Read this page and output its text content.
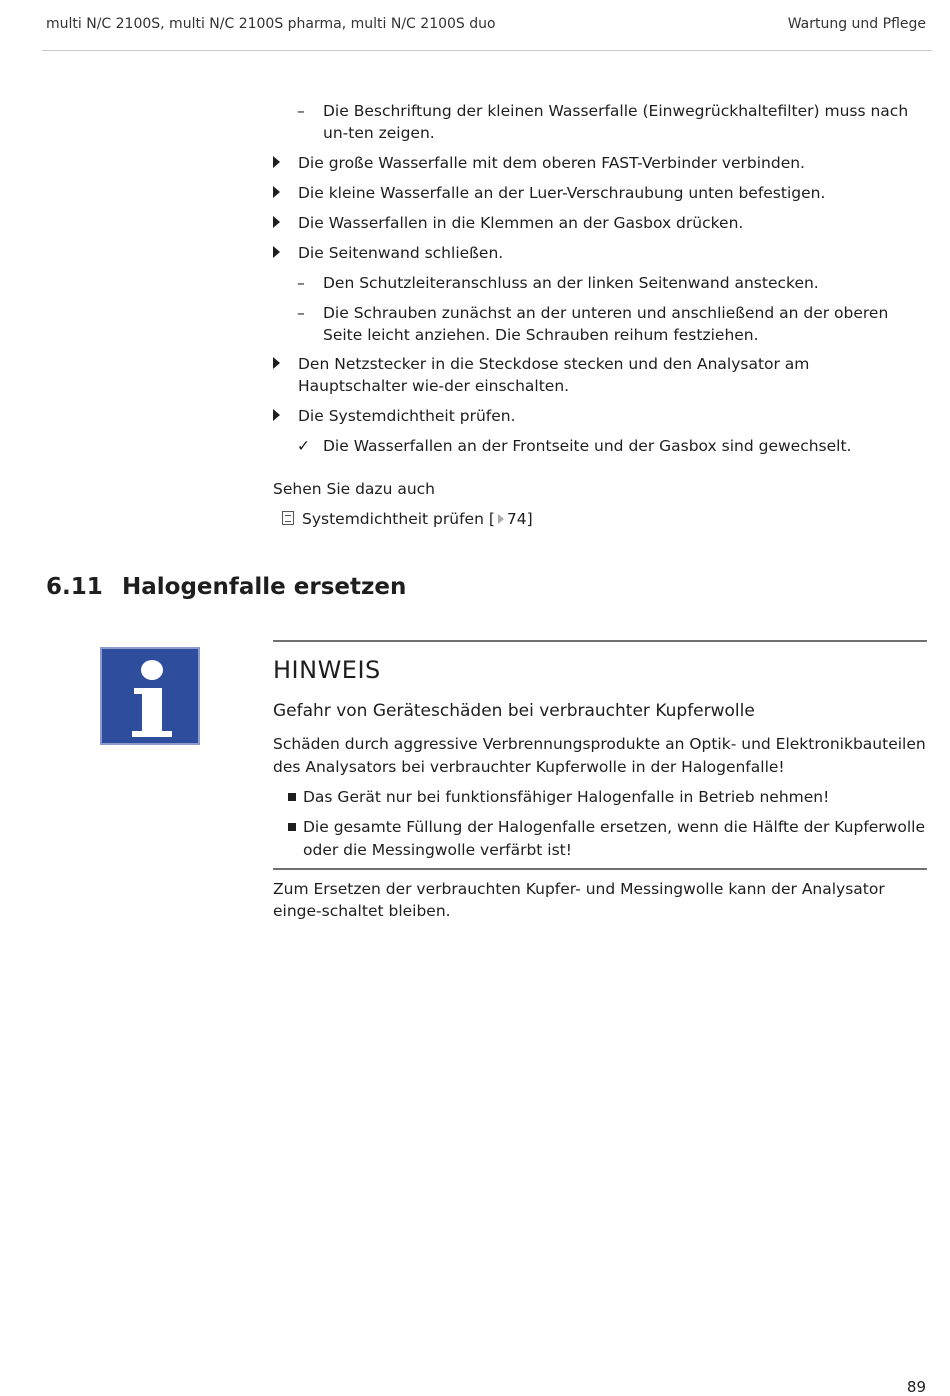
multi N/C 2100S, multi N/C 2100S pharma, multi N/C 2100S duo	Wartung und Pflege
–	Die Beschriftung der kleinen Wasserfalle (Einwegrückhaltefilter) muss nach un-ten zeigen.
Die große Wasserfalle mit dem oberen FAST-Verbinder verbinden.
Die kleine Wasserfalle an der Luer-Verschraubung unten befestigen.
Die Wasserfallen in die Klemmen an der Gasbox drücken.
Die Seitenwand schließen.
–	Den Schutzleiteranschluss an der linken Seitenwand anstecken.
–	Die Schrauben zunächst an der unteren und anschließend an der oberen Seite leicht anziehen. Die Schrauben reihum festziehen.
Den Netzstecker in die Steckdose stecken und den Analysator am Hauptschalter wie-der einschalten.
Die Systemdichtheit prüfen.
✓ Die Wasserfallen an der Frontseite und der Gasbox sind gewechselt.
Sehen Sie dazu auch
Systemdichtheit prüfen [ 74]
6.11 Halogenfalle ersetzen
HINWEIS
Gefahr von Geräteschäden bei verbrauchter Kupferwolle
Schäden durch aggressive Verbrennungsprodukte an Optik- und Elektronikbauteilen des Analysators bei verbrauchter Kupferwolle in der Halogenfalle!
Das Gerät nur bei funktionsfähiger Halogenfalle in Betrieb nehmen!
Die gesamte Füllung der Halogenfalle ersetzen, wenn die Hälfte der Kupferwolle oder die Messingwolle verfärbt ist!
Zum Ersetzen der verbrauchten Kupfer- und Messingwolle kann der Analysator einge-schaltet bleiben.
89
